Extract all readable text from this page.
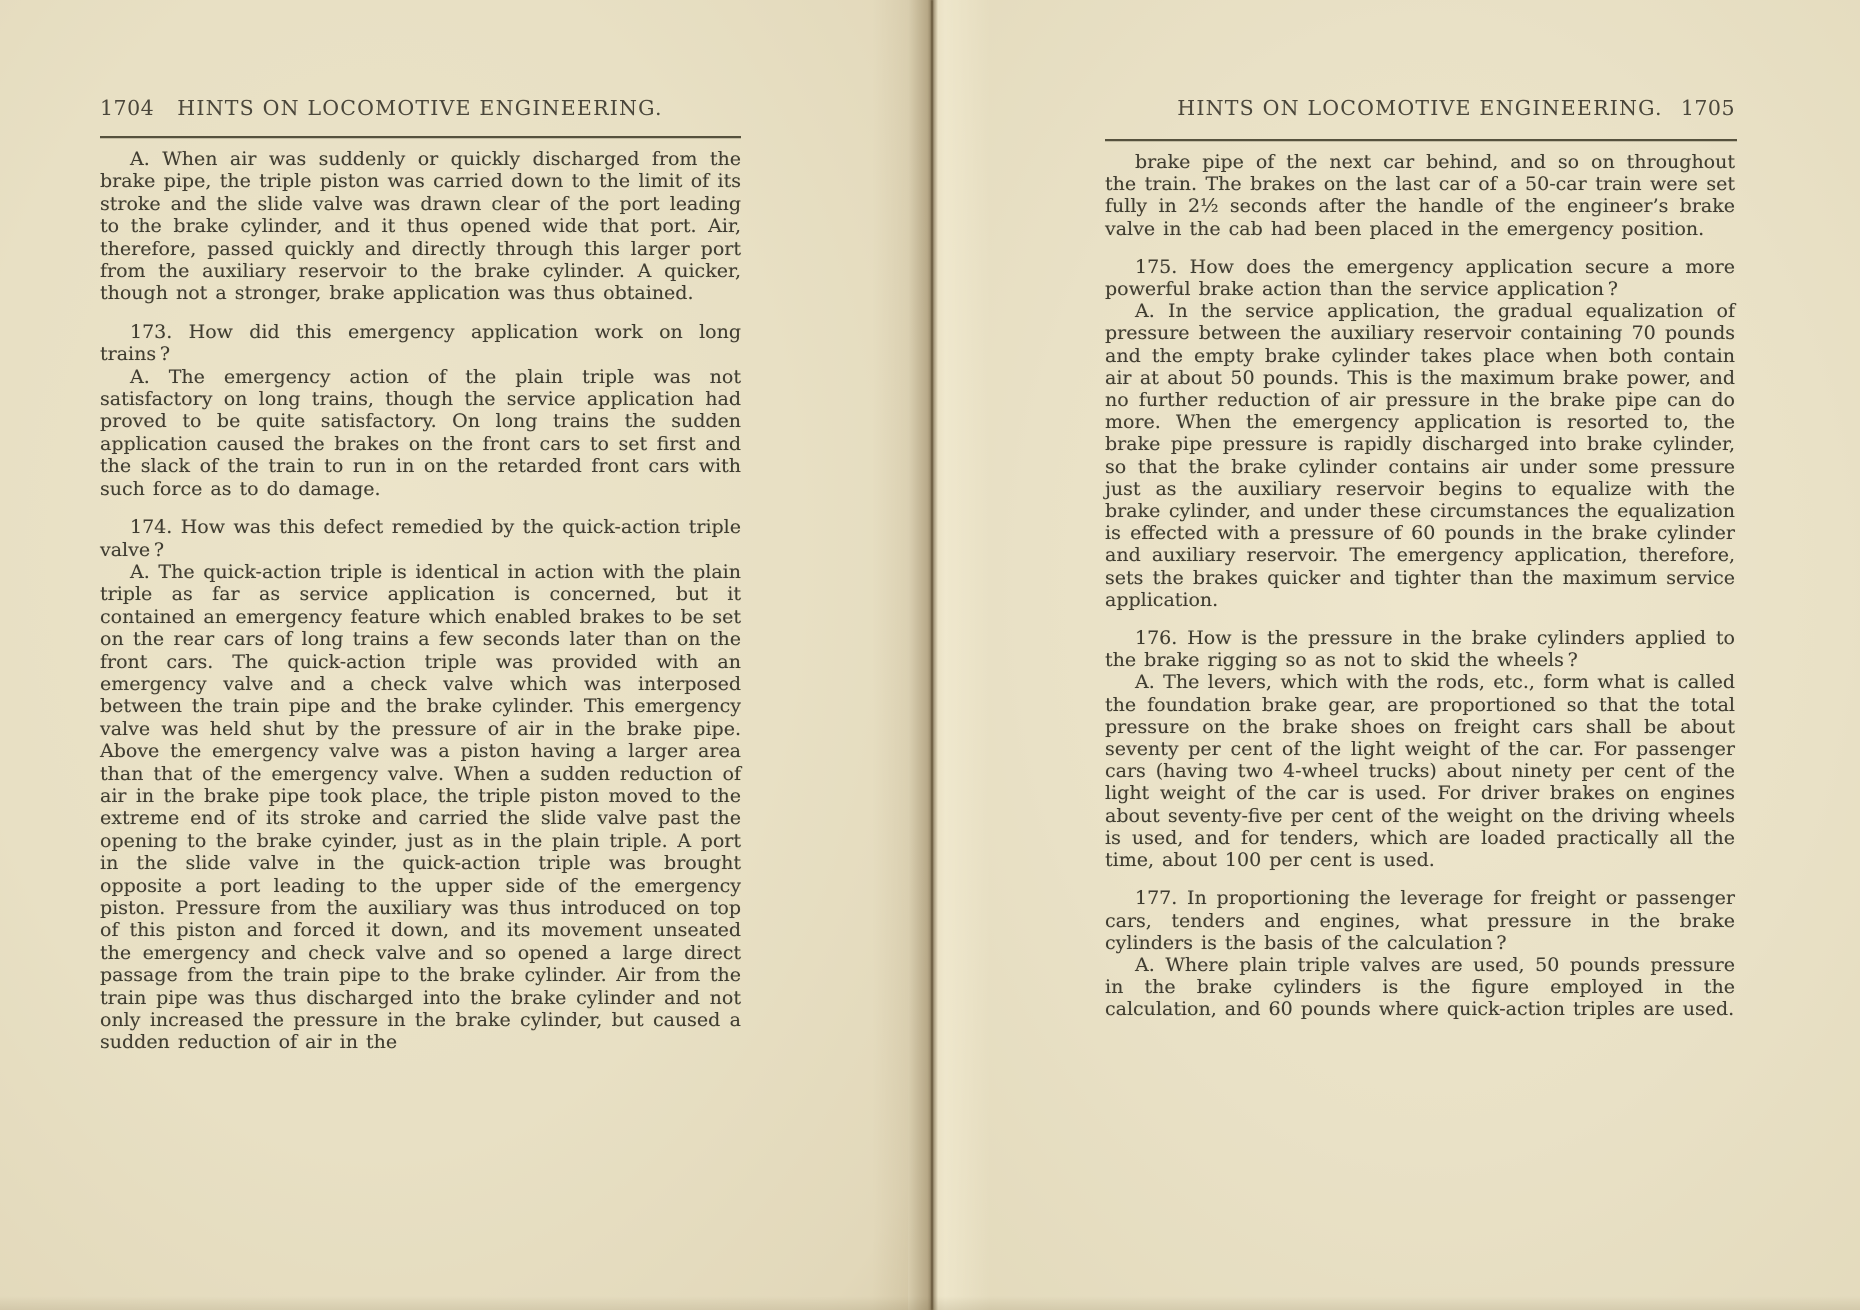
1704 HINTS ON LOCOMOTIVE ENGINEERING.

A. When air was suddenly or quickly discharged from the brake pipe, the triple piston was carried down to the limit of its stroke and the slide valve was drawn clear of the port leading to the brake cylinder, and it thus opened wide that port. Air, therefore, passed quickly and directly through this larger port from the auxiliary reservoir to the brake cylinder. A quicker, though not a stronger, brake application was thus obtained.

173. How did this emergency application work on long trains ?

A. The emergency action of the plain triple was not satisfactory on long trains, though the service application had proved to be quite satisfactory. On long trains the sudden application caused the brakes on the front cars to set first and the slack of the train to run in on the retarded front cars with such force as to do damage.

174. How was this defect remedied by the quick-action triple valve ?

A. The quick-action triple is identical in action with the plain triple as far as service application is concerned, but it contained an emergency feature which enabled brakes to be set on the rear cars of long trains a few seconds later than on the front cars. The quick-action triple was provided with an emergency valve and a check valve which was interposed between the train pipe and the brake cylinder. This emergency valve was held shut by the pressure of air in the brake pipe. Above the emergency valve was a piston having a larger area than that of the emergency valve. When a sudden reduction of air in the brake pipe took place, the triple piston moved to the extreme end of its stroke and carried the slide valve past the opening to the brake cyinder, just as in the plain triple. A port in the slide valve in the quick-action triple was brought opposite a port leading to the upper side of the emergency piston. Pressure from the auxiliary was thus introduced on top of this piston and forced it down, and its movement unseated the emergency and check valve and so opened a large direct passage from the train pipe to the brake cylinder. Air from the train pipe was thus discharged into the brake cylinder and not only increased the pressure in the brake cylinder, but caused a sudden reduction of air in the

HINTS ON LOCOMOTIVE ENGINEERING. 1705

brake pipe of the next car behind, and so on throughout the train. The brakes on the last car of a 50-car train were set fully in 2½ seconds after the handle of the engineer’s brake valve in the cab had been placed in the emergency position.

175. How does the emergency application secure a more powerful brake action than the service application ?

A. In the service application, the gradual equalization of pressure between the auxiliary reservoir containing 70 pounds and the empty brake cylinder takes place when both contain air at about 50 pounds. This is the maximum brake power, and no further reduction of air pressure in the brake pipe can do more. When the emergency application is resorted to, the brake pipe pressure is rapidly discharged into brake cylinder, so that the brake cylinder contains air under some pressure just as the auxiliary reservoir begins to equalize with the brake cylinder, and under these circumstances the equalization is effected with a pressure of 60 pounds in the brake cylinder and auxiliary reservoir. The emergency application, therefore, sets the brakes quicker and tighter than the maximum service application.

176. How is the pressure in the brake cylinders applied to the brake rigging so as not to skid the wheels ?

A. The levers, which with the rods, etc., form what is called the foundation brake gear, are proportioned so that the total pressure on the brake shoes on freight cars shall be about seventy per cent of the light weight of the car. For passenger cars (having two 4-wheel trucks) about ninety per cent of the light weight of the car is used. For driver brakes on engines about seventy-five per cent of the weight on the driving wheels is used, and for tenders, which are loaded practically all the time, about 100 per cent is used.

177. In proportioning the leverage for freight or passenger cars, tenders and engines, what pressure in the brake cylinders is the basis of the calculation ?

A. Where plain triple valves are used, 50 pounds pressure in the brake cylinders is the figure employed in the calculation, and 60 pounds where quick-action triples are used.
